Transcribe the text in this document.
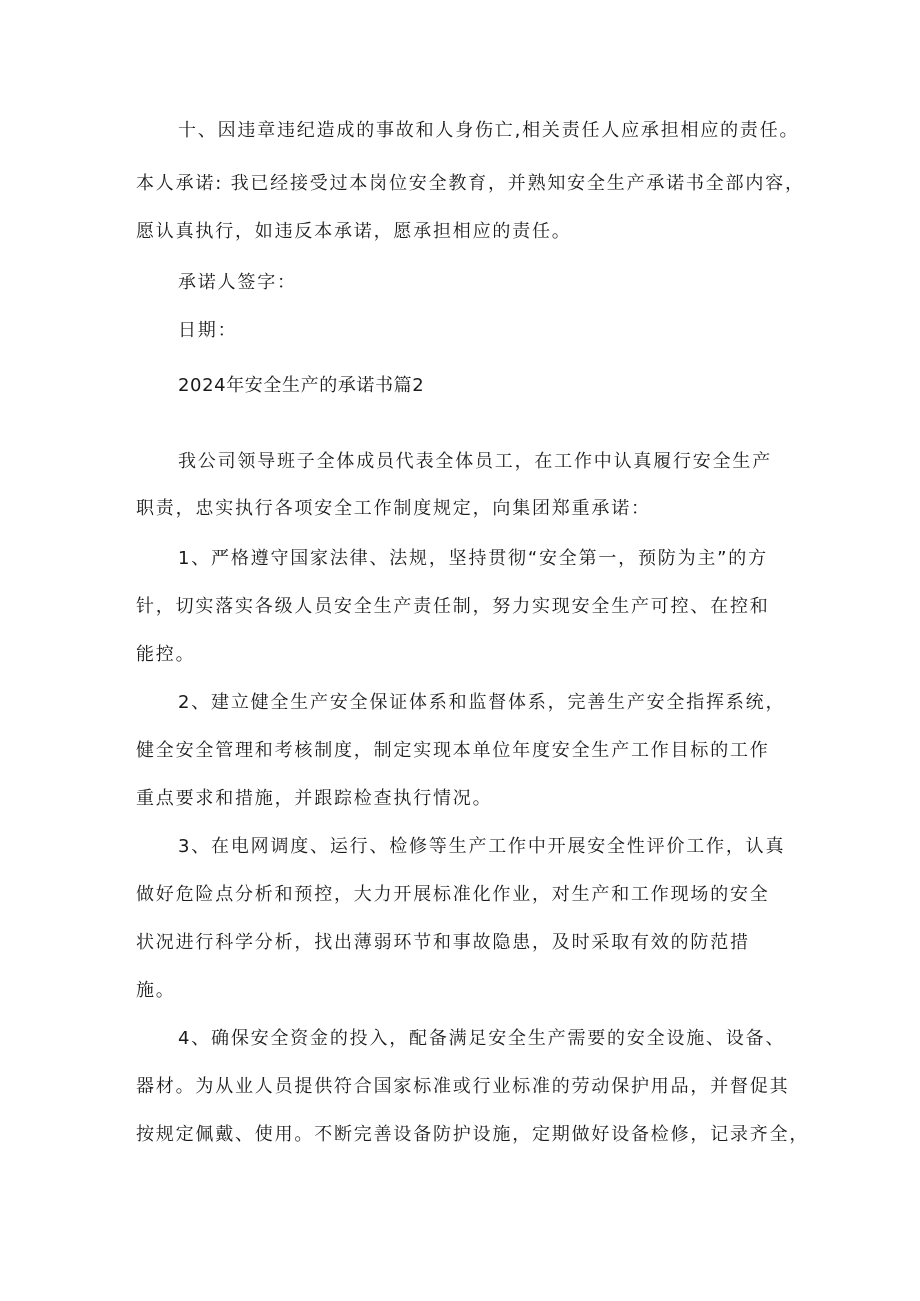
十、因违章违纪造成的事故和人身伤亡,相关责任人应承担相应的责任。
本人承诺: 我已经接受过本岗位安全教育，并熟知安全生产承诺书全部内容，
愿认真执行，如违反本承诺，愿承担相应的责任。
承诺人签字：
日期：
2024年安全生产的承诺书篇2
我公司领导班子全体成员代表全体员工，在工作中认真履行安全生产
职责，忠实执行各项安全工作制度规定，向集团郑重承诺：
1、严格遵守国家法律、法规，坚持贯彻“安全第一，预防为主”的方
针，切实落实各级人员安全生产责任制，努力实现安全生产可控、在控和
能控。
2、建立健全生产安全保证体系和监督体系，完善生产安全指挥系统，
健全安全管理和考核制度，制定实现本单位年度安全生产工作目标的工作
重点要求和措施，并跟踪检查执行情况。
3、在电网调度、运行、检修等生产工作中开展安全性评价工作，认真
做好危险点分析和预控，大力开展标准化作业，对生产和工作现场的安全
状况进行科学分析，找出薄弱环节和事故隐患，及时采取有效的防范措
施。
4、确保安全资金的投入，配备满足安全生产需要的安全设施、设备、
器材。为从业人员提供符合国家标准或行业标准的劳动保护用品，并督促其
按规定佩戴、使用。不断完善设备防护设施，定期做好设备检修，记录齐全，
